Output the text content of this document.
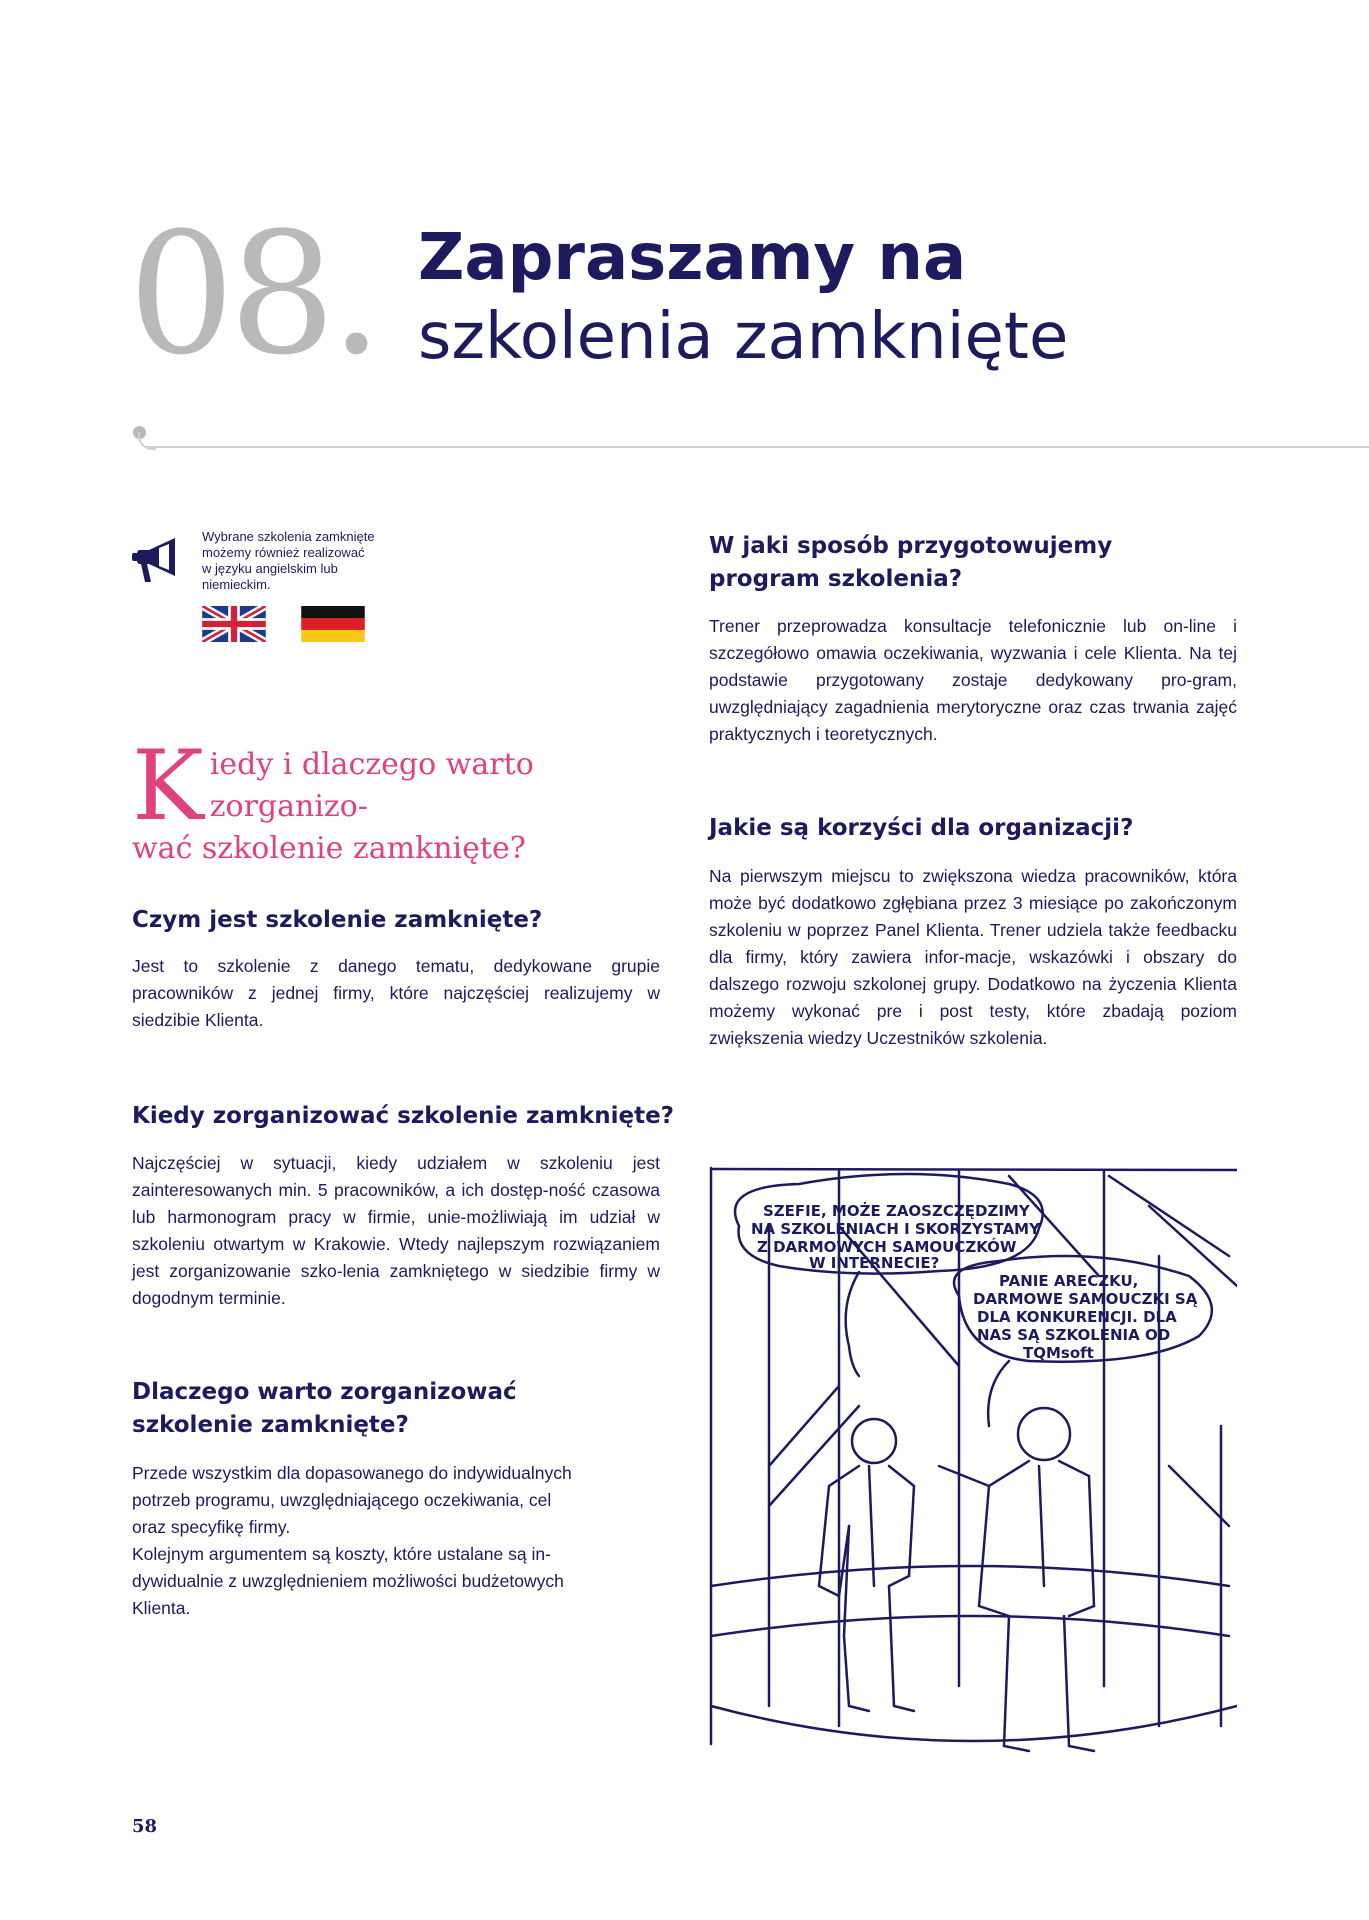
08. Zapraszamy na
szkolenia zamknięte
Wybrane szkolenia zamknięte
możemy również realizować
w języku angielskim lub
niemieckim.
K iedy i dlaczego warto zorganizo-
wać szkolenie zamknięte?
Czym jest szkolenie zamknięte?
Jest to szkolenie z danego tematu, dedykowane grupie pracowników z jednej firmy, które najczęściej realizujemy w siedzibie Klienta.
Kiedy zorganizować szkolenie zamknięte?
Najczęściej w sytuacji, kiedy udziałem w szkoleniu jest zainteresowanych min. 5 pracowników, a ich dostęp-ność czasowa lub harmonogram pracy w firmie, unie-możliwiają im udział w szkoleniu otwartym w Krakowie. Wtedy najlepszym rozwiązaniem jest zorganizowanie szko-lenia zamkniętego w siedzibie firmy w dogodnym terminie.
Dlaczego warto zorganizować
szkolenie zamknięte?
Przede wszystkim dla dopasowanego do indywidualnych
potrzeb programu, uwzględniającego oczekiwania, cel
oraz specyfikę firmy.
Kolejnym argumentem są koszty, które ustalane są in-
dywidualnie z uwzględnieniem możliwości budżetowych
Klienta.
W jaki sposób przygotowujemy
program szkolenia?
Trener przeprowadza konsultacje telefonicznie lub on-line i szczegółowo omawia oczekiwania, wyzwania i cele Klienta. Na tej podstawie przygotowany zostaje dedykowany pro-gram, uwzględniający zagadnienia merytoryczne oraz czas trwania zajęć praktycznych i teoretycznych.
Jakie są korzyści dla organizacji?
Na pierwszym miejscu to zwiększona wiedza pracowników, która może być dodatkowo zgłębiana przez 3 miesiące po zakończonym szkoleniu w poprzez Panel Klienta. Trener udziela także feedbacku dla firmy, który zawiera infor-macje, wskazówki i obszary do dalszego rozwoju szkolonej grupy. Dodatkowo na życzenia Klienta możemy wykonać pre i post testy, które zbadają poziom zwiększenia wiedzy Uczestników szkolenia.
SZEFIE, MOŻE ZAOSZCZĘDZIMY
NA SZKOLENIACH I SKORZYSTAMY
Z DARMOWYCH SAMOUCZKÓW
W INTERNECIE?
PANIE ARECZKU,
DARMOWE SAMOUCZKI SĄ
DLA KONKURENCJI. DLA
NAS SĄ SZKOLENIA OD
TQMsoft
58
